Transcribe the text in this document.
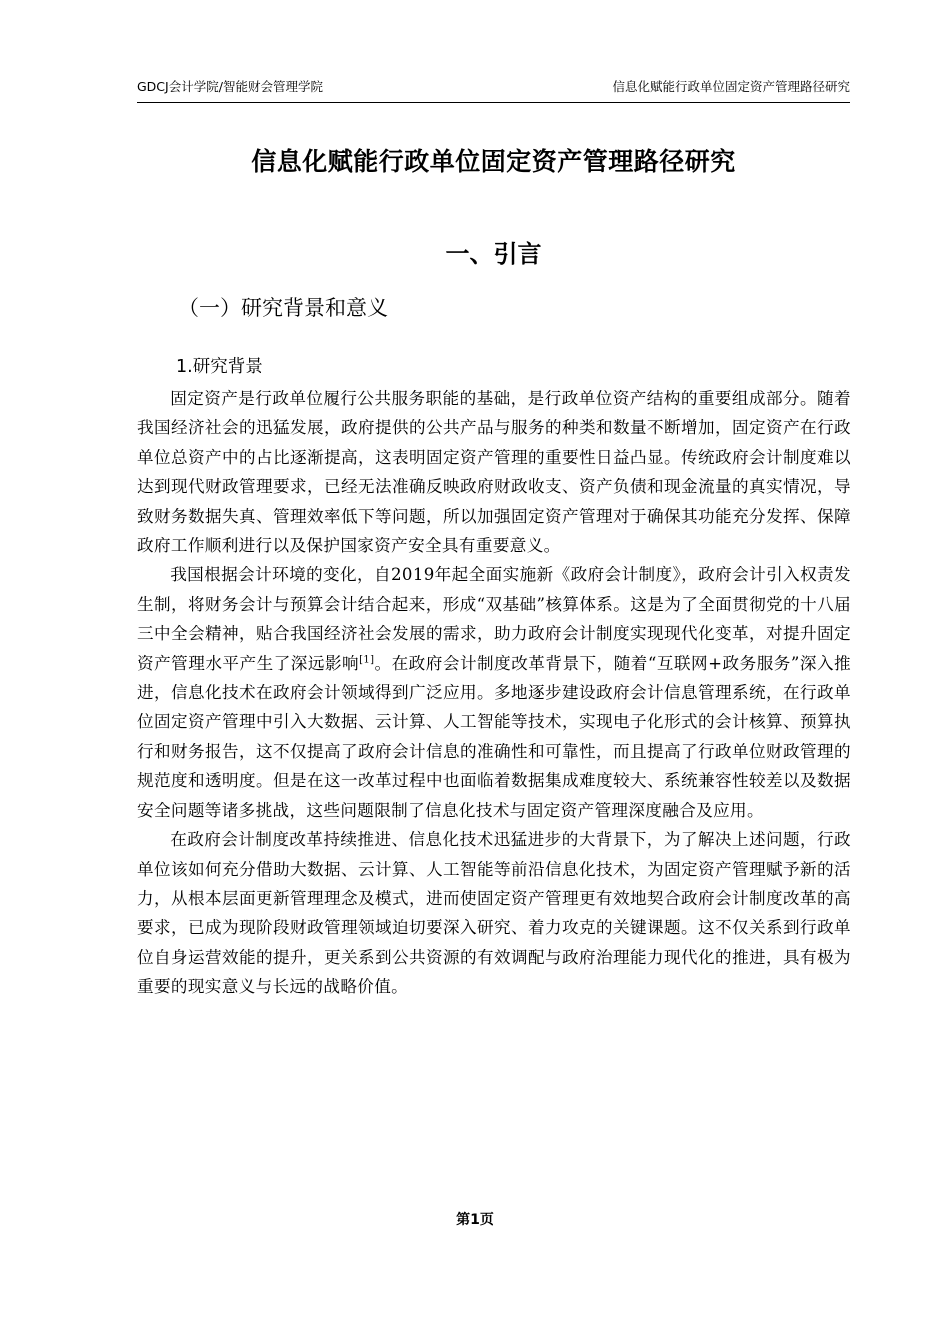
GDCJ会计学院/智能财会管理学院	信息化赋能行政单位固定资产管理路径研究
信息化赋能行政单位固定资产管理路径研究
一、引言
（一）研究背景和意义
1.研究背景

固定资产是行政单位履行公共服务职能的基础，是行政单位资产结构的重要组成部分。随着我国经济社会的迅猛发展，政府提供的公共产品与服务的种类和数量不断增加，固定资产在行政单位总资产中的占比逐渐提高，这表明固定资产管理的重要性日益凸显。传统政府会计制度难以达到现代财政管理要求，已经无法准确反映政府财政收支、资产负债和现金流量的真实情况，导致财务数据失真、管理效率低下等问题，所以加强固定资产管理对于确保其功能充分发挥、保障政府工作顺利进行以及保护国家资产安全具有重要意义。

我国根据会计环境的变化，自2019年起全面实施新《政府会计制度》，政府会计引入权责发生制，将财务会计与预算会计结合起来，形成“双基础”核算体系。这是为了全面贯彻党的十八届三中全会精神，贴合我国经济社会发展的需求，助力政府会计制度实现现代化变革，对提升固定资产管理水平产生了深远影响[1]。在政府会计制度改革背景下，随着“互联网+政务服务”深入推进，信息化技术在政府会计领域得到广泛应用。多地逐步建设政府会计信息管理系统，在行政单位固定资产管理中引入大数据、云计算、人工智能等技术，实现电子化形式的会计核算、预算执行和财务报告，这不仅提高了政府会计信息的准确性和可靠性，而且提高了行政单位财政管理的规范度和透明度。但是在这一改革过程中也面临着数据集成难度较大、系统兼容性较差以及数据安全问题等诸多挑战，这些问题限制了信息化技术与固定资产管理深度融合及应用。

在政府会计制度改革持续推进、信息化技术迅猛进步的大背景下，为了解决上述问题，行政单位该如何充分借助大数据、云计算、人工智能等前沿信息化技术，为固定资产管理赋予新的活力，从根本层面更新管理理念及模式，进而使固定资产管理更有效地契合政府会计制度改革的高要求，已成为现阶段财政管理领域迫切要深入研究、着力攻克的关键课题。这不仅关系到行政单位自身运营效能的提升，更关系到公共资源的有效调配与政府治理能力现代化的推进，具有极为重要的现实意义与长远的战略价值。

第1页
